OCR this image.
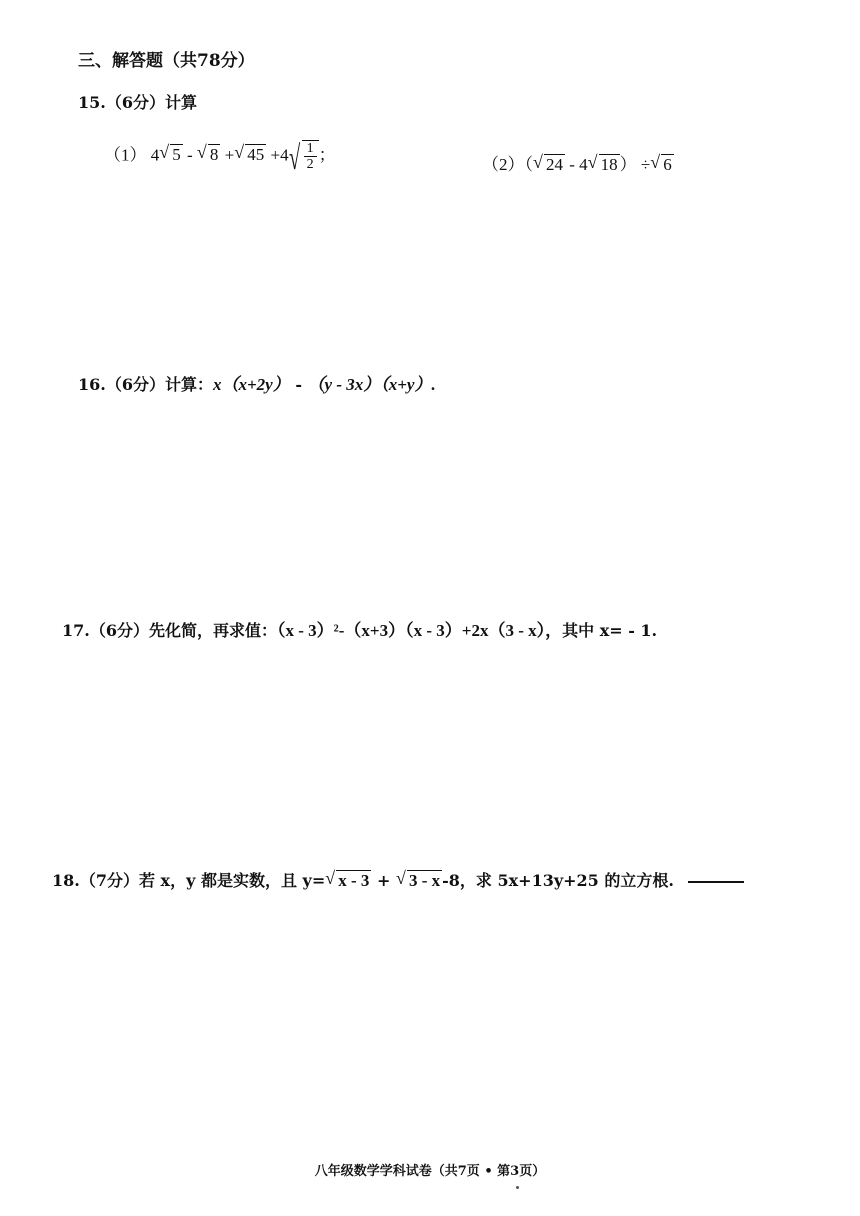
三、解答题（共78分）
15.（6分）计算
（1） 4 √ 5 - √ 8 + √ 45 +4 √ $\frac{1}{2}$ ；
（2）（ √ 24 - 4 √ 18 ） ÷ √ 6
16.（6分）计算：x（x+2y） - （y - 3x）（x+y）.
17.（6分）先化简，再求值：（x - 3）²-（x+3）（x - 3）+2x（3 - x），其中 x= - 1.
18.（7分）若 x，y 都是实数，且 y= √ x - 3 + √ 3 - x -8，求 5x+13y+25 的立方根.
八年级数学学科试卷（共7页 • 第3页）
